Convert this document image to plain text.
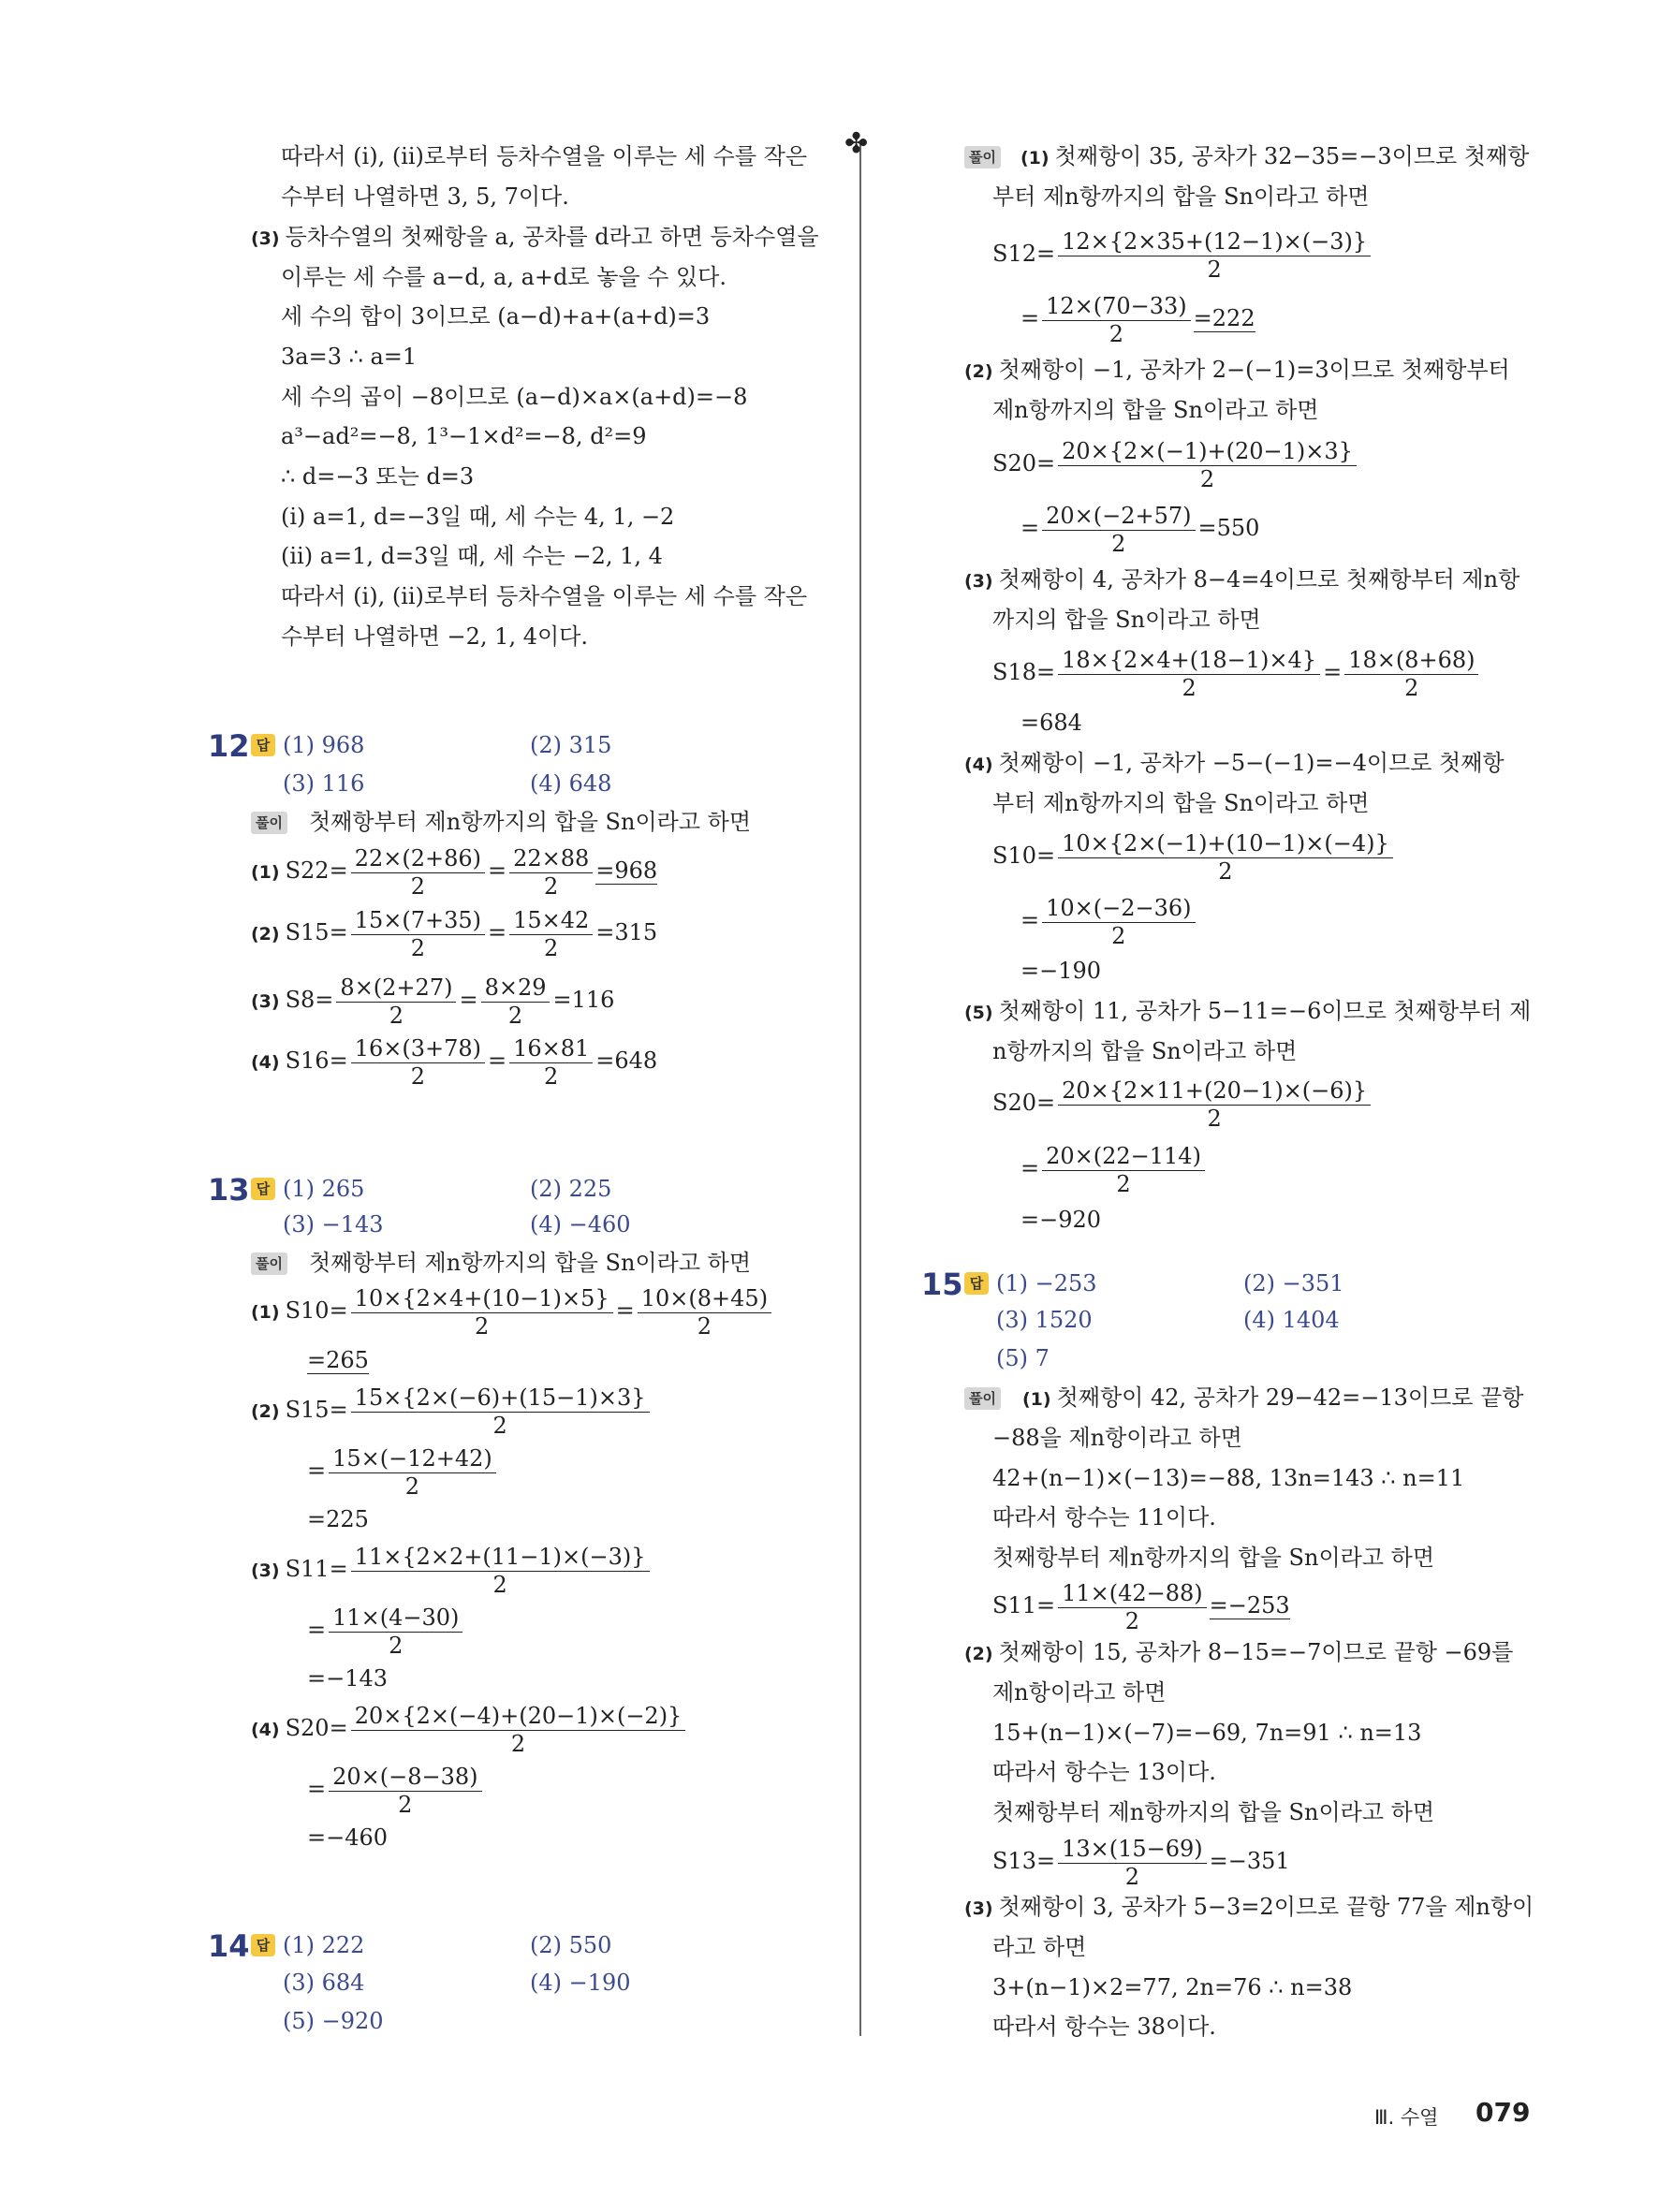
따라서 (ⅰ), (ⅱ)로부터 등차수열을 이루는 세 수를 작은
수부터 나열하면 3, 5, 7이다.
(3) 등차수열의 첫째항을 a, 공차를 d라고 하면 등차수열을
이루는 세 수를 a−d, a, a+d로 놓을 수 있다.
세 수의 합이 3이므로 (a−d)+a+(a+d)=3
3a=3 ∴ a=1
세 수의 곱이 −8이므로 (a−d)×a×(a+d)=−8
a³−ad²=−8, 1³−1×d²=−8, d²=9
∴ d=−3 또는 d=3
(ⅰ) a=1, d=−3일 때, 세 수는 4, 1, −2
(ⅱ) a=1, d=3일 때, 세 수는 −2, 1, 4
따라서 (ⅰ), (ⅱ)로부터 등차수열을 이루는 세 수를 작은
수부터 나열하면 −2, 1, 4이다.
12 답 (1) 968	(2) 315
(3) 116	(4) 648
풀이 첫째항부터 제n항까지의 합을 Sn이라고 하면
(1) $S22= \frac{22\times(2+86)}{2} = \frac{22\times 88}{2} =968$
(2) $S15= \frac{15\times(7+35)}{2} = \frac{15\times 42}{2} =315$
(3) $S8= \frac{8\times(2+27)}{2} = \frac{8\times 29}{2} =116$
(4) $S16= \frac{16\times(3+78)}{2} = \frac{16\times 81}{2} =648$
13 답 (1) 265	(2) 225
(3) −143	(4) −460
풀이 첫째항부터 제n항까지의 합을 Sn이라고 하면
(1) $S10= \frac{10\times\{2\times 4+(10-1)\times 5\}}{2} = \frac{10\times(8+45)}{2}$
=265
(2) $S15= \frac{15\times\{2\times(-6)+(15-1)\times 3\}}{2}$
= $\frac{15\times(-12+42)}{2}$
=225
(3) $S11= \frac{11\times\{2\times 2+(11-1)\times(-3)\}}{2}$
= $\frac{11\times(4-30)}{2}$
=−143
(4) $S20= \frac{20\times\{2\times(-4)+(20-1)\times(-2)\}}{2}$
= $\frac{20\times(-8-38)}{2}$
=−460
14 답 (1) 222	(2) 550
(3) 684	(4) −190
(5) −920
✤	풀이 (1) 첫째항이 35, 공차가 32−35=−3이므로 첫째항
부터 제n항까지의 합을 Sn이라고 하면
$S12= \frac{12\times\{2\times 35+(12-1)\times(-3)\}}{2}$
= $\frac{12\times(70-33)}{2} =222$
(2) 첫째항이 −1, 공차가 2−(−1)=3이므로 첫째항부터
제n항까지의 합을 Sn이라고 하면
$S20= \frac{20\times\{2\times(-1)+(20-1)\times 3\}}{2}$
= $\frac{20\times(-2+57)}{2} =550$
(3) 첫째항이 4, 공차가 8−4=4이므로 첫째항부터 제n항
까지의 합을 Sn이라고 하면
$S18= \frac{18\times\{2\times 4+(18-1)\times 4\}}{2} = \frac{18\times(8+68)}{2}$
=684
(4) 첫째항이 −1, 공차가 −5−(−1)=−4이므로 첫째항
부터 제n항까지의 합을 Sn이라고 하면
$S10= \frac{10\times\{2\times(-1)+(10-1)\times(-4)\}}{2}$
= $\frac{10\times(-2-36)}{2}$
=−190
(5) 첫째항이 11, 공차가 5−11=−6이므로 첫째항부터 제
n항까지의 합을 Sn이라고 하면
$S20= \frac{20\times\{2\times 11+(20-1)\times(-6)\}}{2}$
= $\frac{20\times(22-114)}{2}$
=−920
15 답 (1) −253	(2) −351
(3) 1520	(4) 1404
(5) 7
풀이 (1) 첫째항이 42, 공차가 29−42=−13이므로 끝항
−88을 제n항이라고 하면
42+(n−1)×(−13)=−88, 13n=143 ∴ n=11
따라서 항수는 11이다.
첫째항부터 제n항까지의 합을 Sn이라고 하면
$S11= \frac{11\times(42-88)}{2} =-253$
(2) 첫째항이 15, 공차가 8−15=−7이므로 끝항 −69를
제n항이라고 하면
15+(n−1)×(−7)=−69, 7n=91 ∴ n=13
따라서 항수는 13이다.
첫째항부터 제n항까지의 합을 Sn이라고 하면
$S13= \frac{13\times(15-69)}{2} =-351$
(3) 첫째항이 3, 공차가 5−3=2이므로 끝항 77을 제n항이
라고 하면
3+(n−1)×2=77, 2n=76 ∴ n=38
따라서 항수는 38이다.
Ⅲ. 수열 079
